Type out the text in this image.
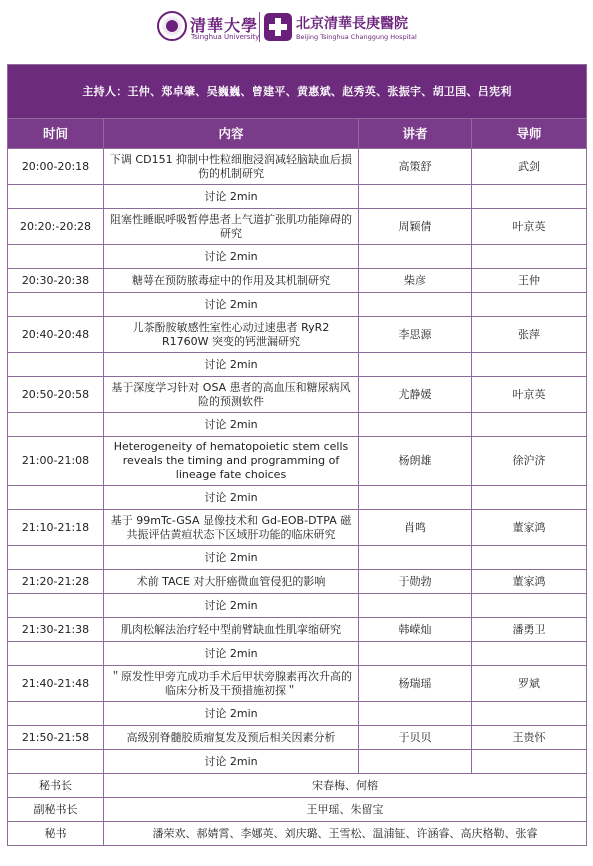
清華大學
Tsinghua University
北京清華長庚醫院
Beijing Tsinghua Changgung Hospital
主持人：王仲、郑卓肇、吴巍巍、曾建平、黄惠斌、赵秀英、张振宇、胡卫国、吕宪利			
时间	内容	讲者	导师
20:00-20:18	下调 CD151 抑制中性粒细胞浸润减轻脑缺血后损伤的机制研究	高策舒	武剑
	讨论 2min		
20:20:-20:28	阻塞性睡眠呼吸暂停患者上气道扩张肌功能障碍的研究	周颖倩	叶京英
	讨论 2min		
20:30-20:38	糖萼在预防脓毒症中的作用及其机制研究	柴彦	王仲
	讨论 2min		
20:40-20:48	儿茶酚胺敏感性室性心动过速患者 RyR2 R1760W 突变的钙泄漏研究	李思源	张萍
	讨论 2min		
20:50-20:58	基于深度学习针对 OSA 患者的高血压和糖尿病风险的预测软件	尤静媛	叶京英
	讨论 2min		
21:00-21:08	Heterogeneity of hematopoietic stem cells reveals the timing and programming of lineage fate choices	杨朗雄	徐沪济
	讨论 2min		
21:10-21:18	基于 99mTc-GSA 显像技术和 Gd-EOB-DTPA 磁共振评估黄疸状态下区域肝功能的临床研究	肖鸣	董家鸿
	讨论 2min		
21:20-21:28	术前 TACE 对大肝癌微血管侵犯的影响	于勋勃	董家鸿
	讨论 2min		
21:30-21:38	肌肉松解法治疗轻中型前臂缺血性肌挛缩研究	韩嵘灿	潘勇卫
	讨论 2min		
21:40-21:48	＂原发性甲旁亢成功手术后甲状旁腺素再次升高的临床分析及干预措施初探＂	杨瑞瑶	罗斌
	讨论 2min		
21:50-21:58	高级别脊髓胶质瘤复发及预后相关因素分析	于贝贝	王贵怀
	讨论 2min		
秘书长	宋春梅、何榕		
副秘书长	王甲瑶、朱留宝		
秘书	潘荣欢、郝婧霄、李娜英、刘庆璐、王雪松、温浦钲、许涵睿、高庆格勒、张睿		
